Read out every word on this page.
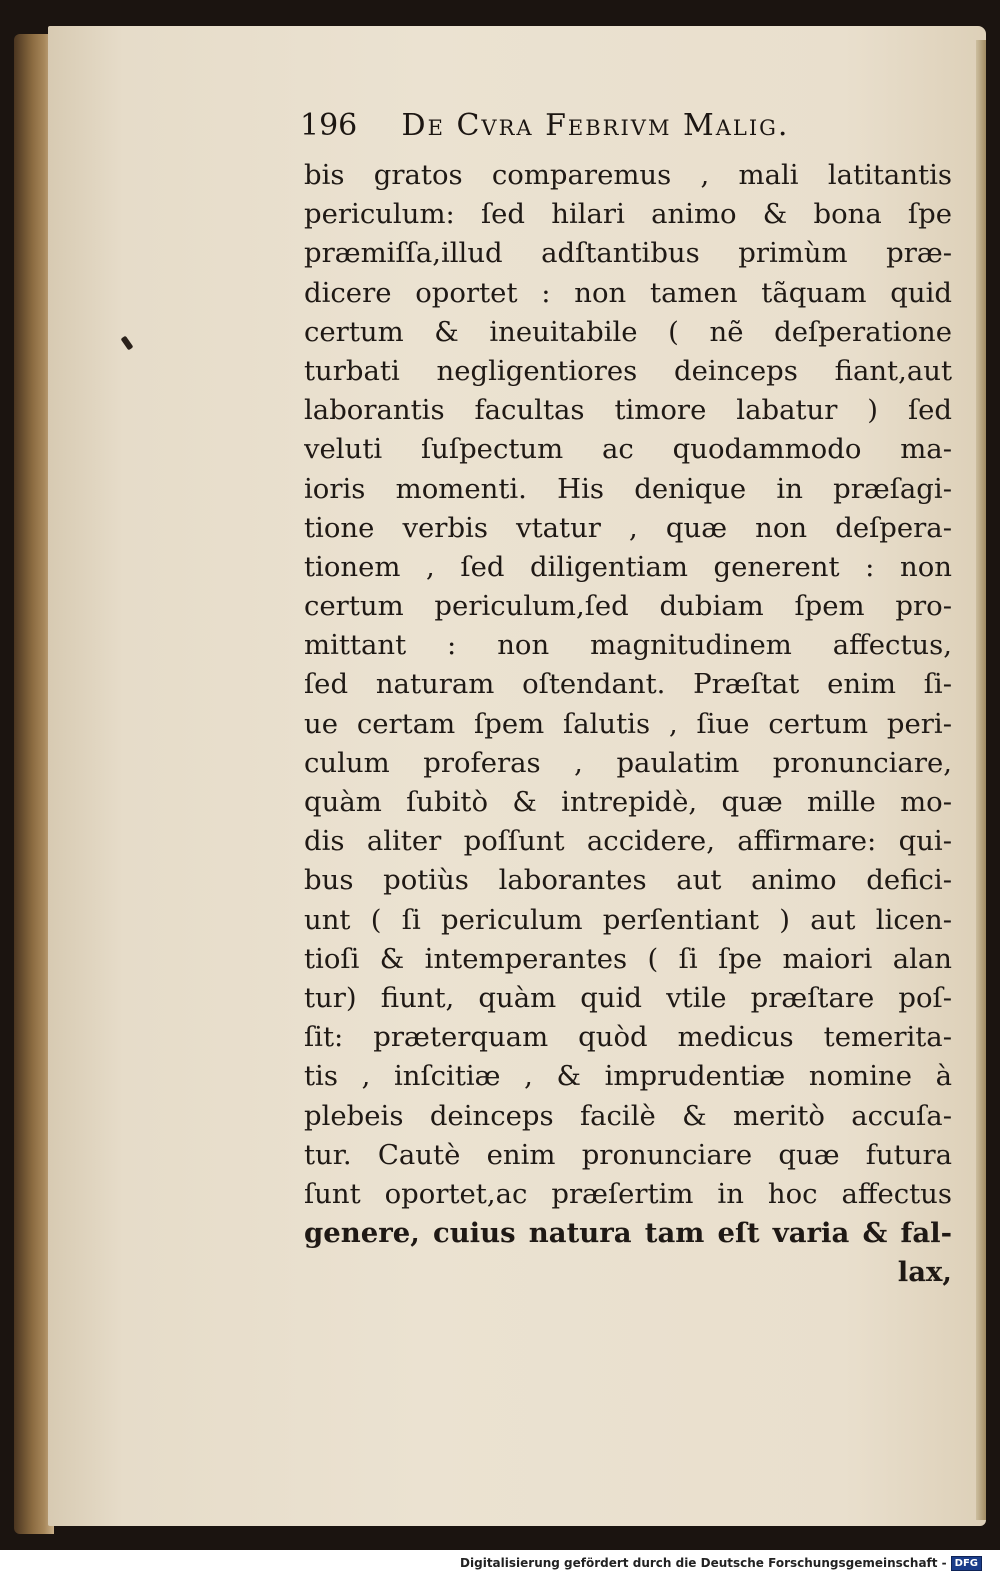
196 De Cvra Febrivm Malig.
bis gratos comparemus , mali latitantis
periculum: ſed hilari animo & bona ſpe
præmiſſa,illud adſtantibus primùm præ-
dicere oportet : non tamen tãquam quid
certum & ineuitabile ( nẽ deſperatione
turbati negligentiores deinceps fiant,aut
laborantis facultas timore labatur ) ſed
veluti ſuſpectum ac quodammodo ma-
ioris momenti. His denique in præſagi-
tione verbis vtatur , quæ non deſpera-
tionem , ſed diligentiam generent : non
certum periculum,ſed dubiam ſpem pro-
mittant : non magnitudinem affectus,
ſed naturam oſtendant. Præſtat enim ſi-
ue certam ſpem ſalutis , ſiue certum peri-
culum proferas , paulatim pronunciare,
quàm ſubitò & intrepidè, quæ mille mo-
dis aliter poſſunt accidere, affirmare: qui-
bus potiùs laborantes aut animo defici-
unt ( ſi periculum perſentiant ) aut licen-
tioſi & intemperantes ( ſi ſpe maiori alan
tur) fiunt, quàm quid vtile præſtare poſ-
ſit: præterquam quòd medicus temerita-
tis , inſcitiæ , & imprudentiæ nomine à
plebeis deinceps facilè & meritò accuſa-
tur. Cautè enim pronunciare quæ futura
ſunt oportet,ac præſertim in hoc affectus
genere, cuius natura tam eſt varia & fal-
lax,
Digitalisierung gefördert durch die Deutsche Forschungsgemeinschaft - DFG
